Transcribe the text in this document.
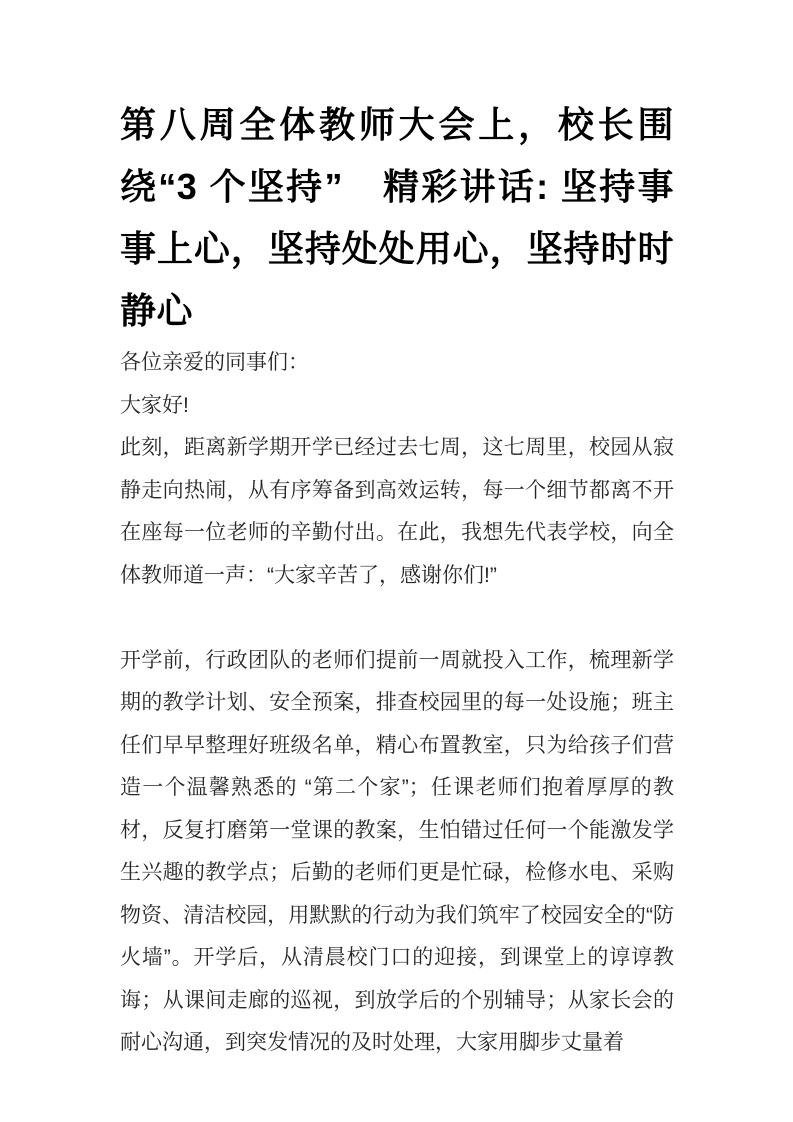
第八周全体教师大会上，校长围绕“3 个坚持”　精彩讲话: 坚持事事上心，坚持处处用心，坚持时时静心

各位亲爱的同事们：

大家好!

此刻，距离新学期开学已经过去七周，这七周里，校园从寂静走向热闹，从有序筹备到高效运转，每一个细节都离不开在座每一位老师的辛勤付出。在此，我想先代表学校，向全体教师道一声：“大家辛苦了，感谢你们!”

开学前，行政团队的老师们提前一周就投入工作，梳理新学期的教学计划、安全预案，排查校园里的每一处设施；班主任们早早整理好班级名单，精心布置教室，只为给孩子们营造一个温馨熟悉的 “第二个家”；任课老师们抱着厚厚的教材，反复打磨第一堂课的教案，生怕错过任何一个能激发学生兴趣的教学点；后勤的老师们更是忙碌，检修水电、采购物资、清洁校园，用默默的行动为我们筑牢了校园安全的“防火墙”。开学后，从清晨校门口的迎接，到课堂上的谆谆教诲；从课间走廊的巡视，到放学后的个别辅导；从家长会的耐心沟通，到突发情况的及时处理，大家用脚步丈量着
